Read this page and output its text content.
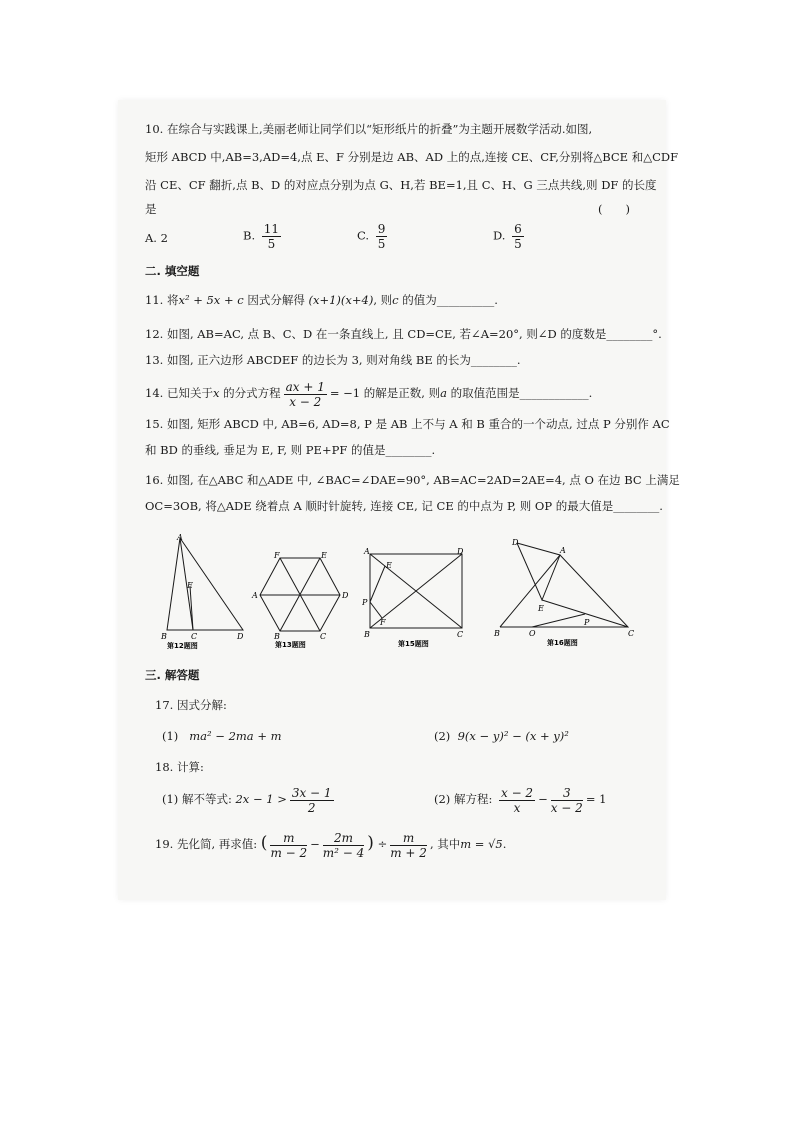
10. 在综合与实践课上,美丽老师让同学们以“矩形纸片的折叠”为主题开展数学活动.如图,
矩形 ABCD 中,AB=3,AD=4,点 E、F 分别是边 AB、AD 上的点,连接 CE、CF,分别将△BCE 和△CDF
沿 CE、CF 翻折,点 B、D 的对应点分别为点 G、H,若 BE=1,且 C、H、G 三点共线,则 DF 的长度
是	(　　)
A. 2	B. $\frac{11}{5}$	C. $\frac{9}{5}$	D. $\frac{6}{5}$
二. 填空题
11. 将x² + 5x + c 因式分解得 (x+1)(x+4), 则c 的值为__________.
12. 如图, AB=AC, 点 B、C、D 在一条直线上, 且 CD=CE, 若∠A=20°, 则∠D 的度数是________°.
13. 如图, 正六边形 ABCDEF 的边长为 3, 则对角线 BE 的长为________.
14. 已知关于x 的分式方程 $\frac{ax + 1}{x - 2} = -1$ 的解是正数, 则a 的取值范围是____________.
15. 如图, 矩形 ABCD 中, AB=6, AD=8, P 是 AB 上不与 A 和 B 重合的一个动点, 过点 P 分别作 AC
和 BD 的垂线, 垂足为 E, F, 则 PE+PF 的值是________.
16. 如图, 在△ABC 和△ADE 中, ∠BAC=∠DAE=90°, AB=AC=2AD=2AE=4, 点 O 在边 BC 上满足
OC=3OB, 将△ADE 绕着点 A 顺时针旋转, 连接 CE, 记 CE 的中点为 P, 则 OP 的最大值是________.
A
E
B	C	D
第12题图
F	E
A	D
B	C
第13题图
A	D
E
P
F
B	C
第15题图
D
A
E
B	O
P
C
第16题图
三. 解答题
17. 因式分解:
(1) ma² − 2ma + m	(2) 9(x − y)² − (x + y)²
18. 计算:
(1) 解不等式: $2x - 1 > \frac{3x - 1}{2}$	(2) 解方程: $\frac{x - 2}{x} - \frac{3}{x - 2} = 1$
19. 先化简, 再求值: ( $\frac{m}{m - 2} - \frac{2m}{\text{m² − 4}}$ ) ÷ $\frac{m}{m + 2}$ , 其中m = √5.
